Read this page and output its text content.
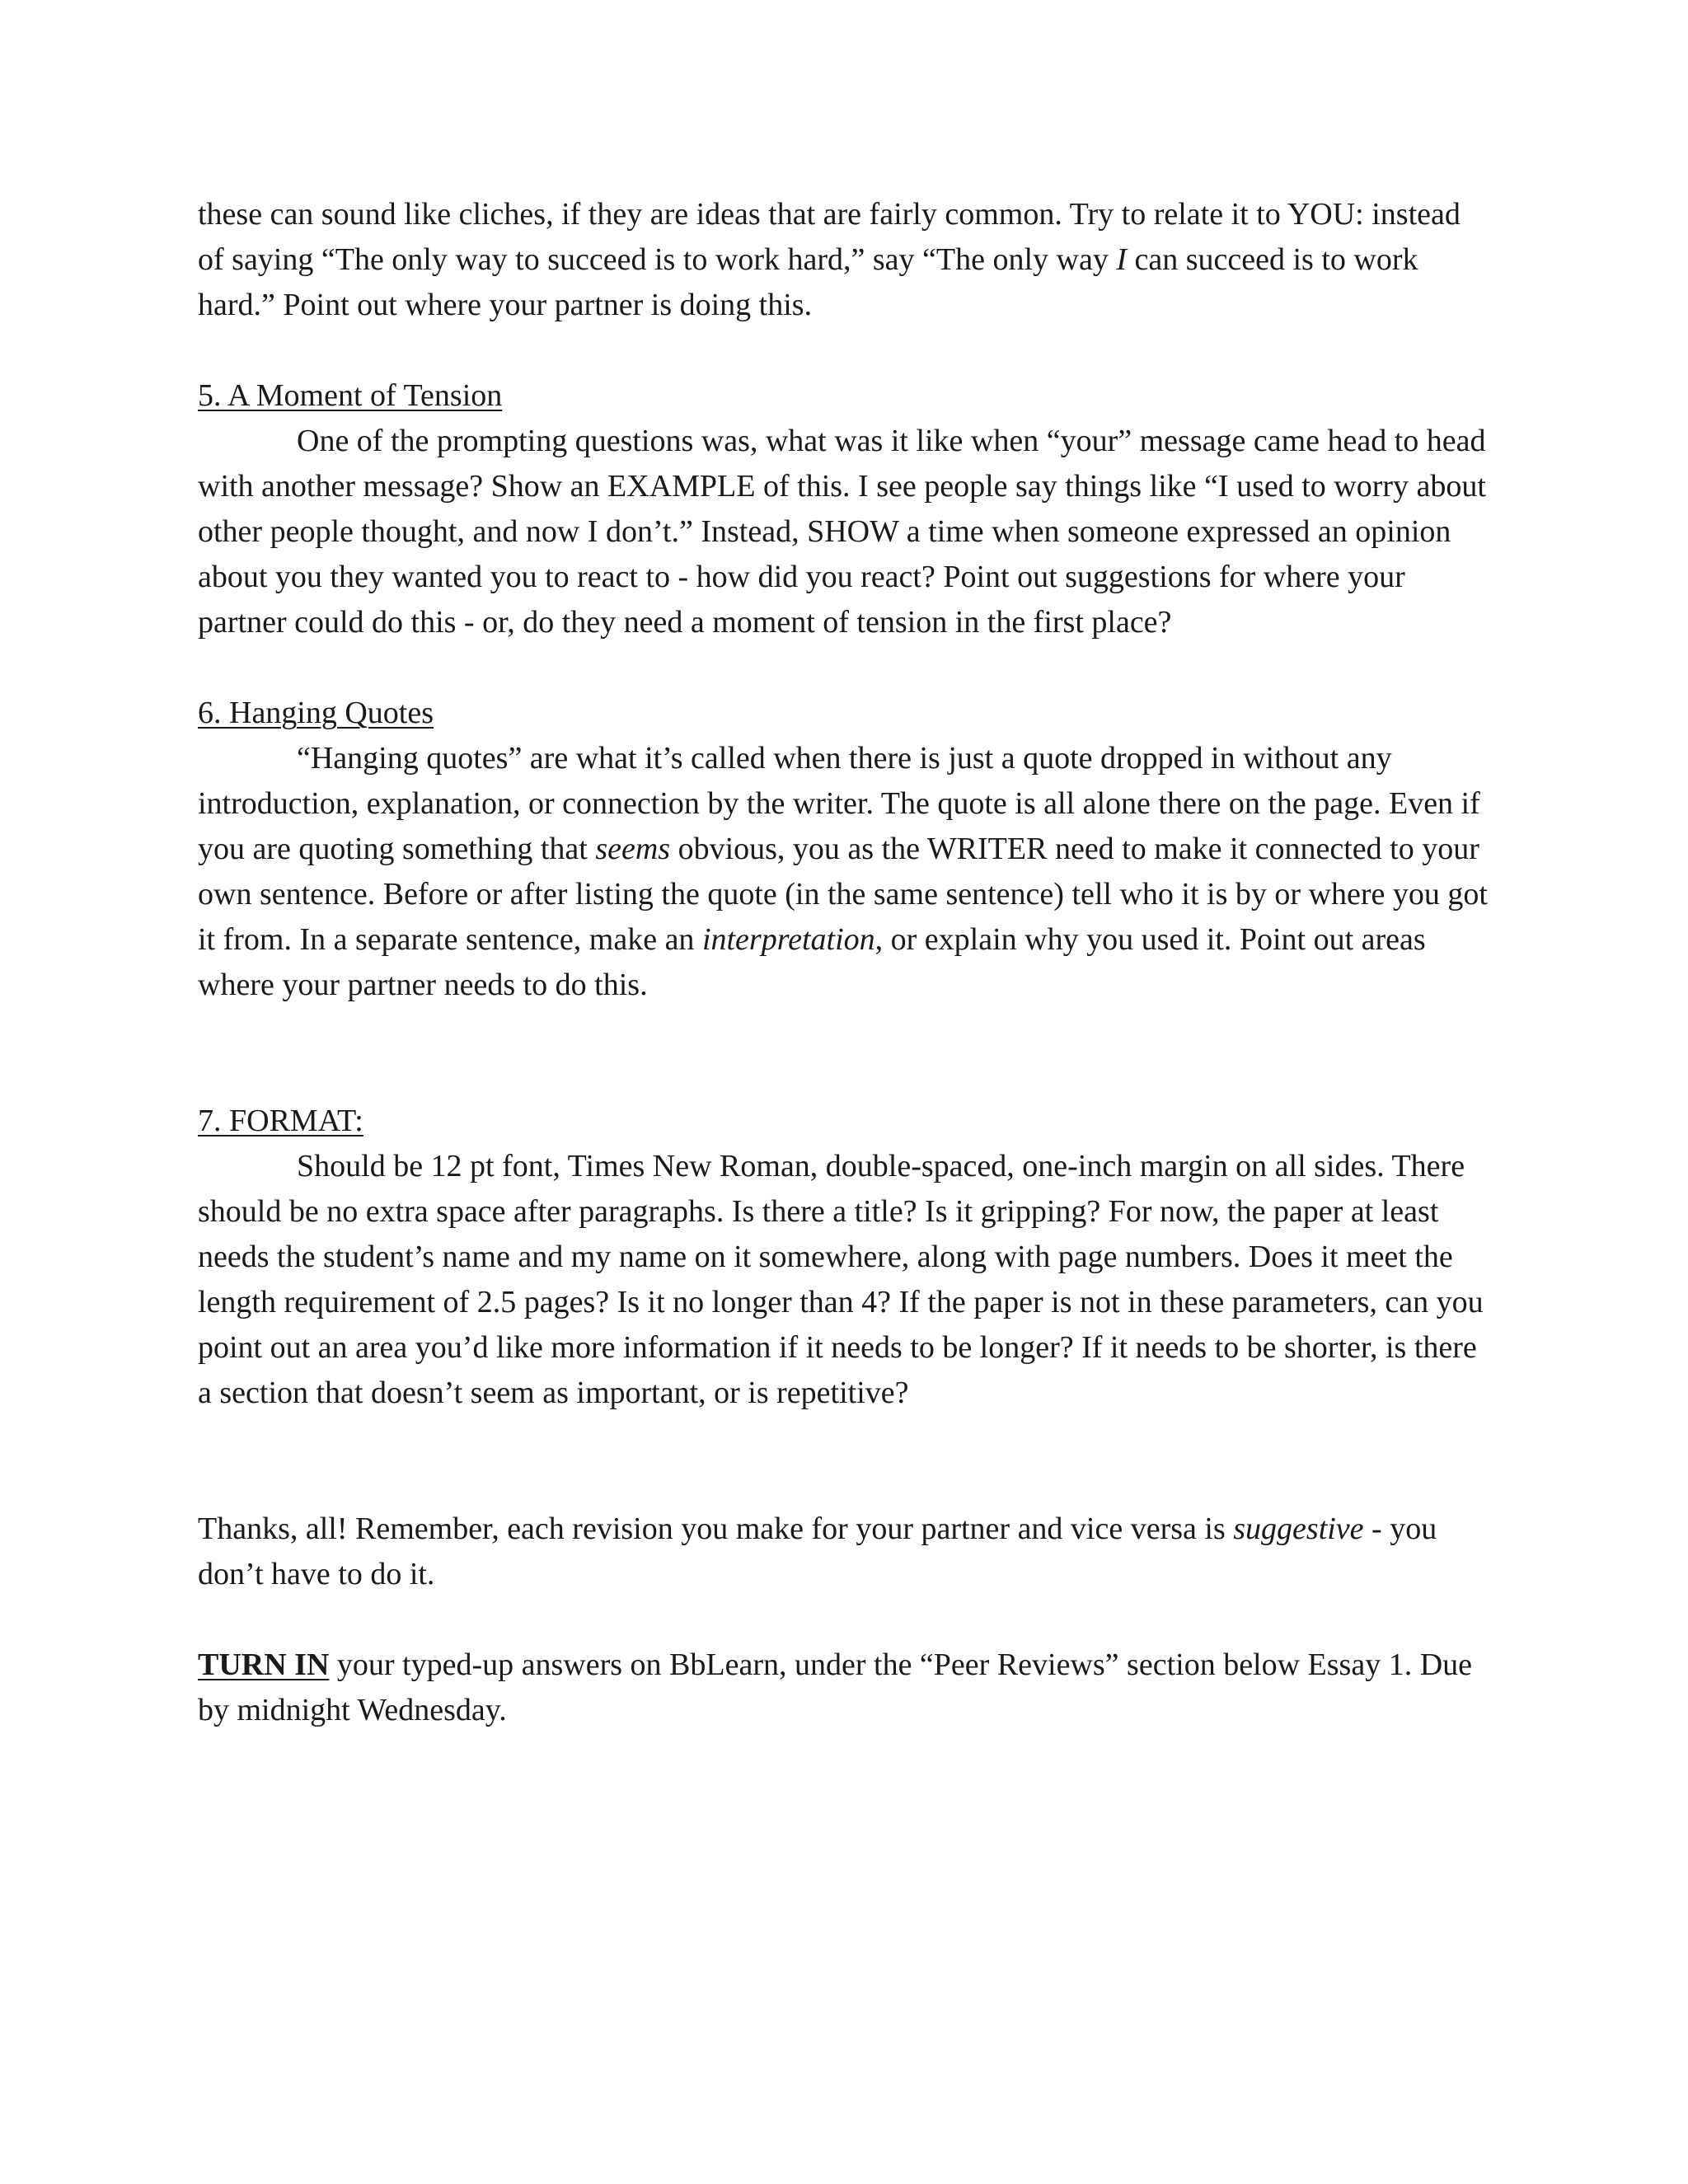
these can sound like cliches, if they are ideas that are fairly common. Try to relate it to YOU: instead of saying “The only way to succeed is to work hard,” say “The only way I can succeed is to work hard.” Point out where your partner is doing this.

5. A Moment of Tension

One of the prompting questions was, what was it like when “your” message came head to head with another message? Show an EXAMPLE of this. I see people say things like “I used to worry about other people thought, and now I don’t.” Instead, SHOW a time when someone expressed an opinion about you they wanted you to react to - how did you react? Point out suggestions for where your partner could do this - or, do they need a moment of tension in the first place?

6. Hanging Quotes

“Hanging quotes” are what it’s called when there is just a quote dropped in without any introduction, explanation, or connection by the writer. The quote is all alone there on the page. Even if you are quoting something that seems obvious, you as the WRITER need to make it connected to your own sentence. Before or after listing the quote (in the same sentence) tell who it is by or where you got it from. In a separate sentence, make an interpretation, or explain why you used it. Point out areas where your partner needs to do this.

7. FORMAT:

Should be 12 pt font, Times New Roman, double-spaced, one-inch margin on all sides. There should be no extra space after paragraphs. Is there a title? Is it gripping? For now, the paper at least needs the student’s name and my name on it somewhere, along with page numbers. Does it meet the length requirement of 2.5 pages? Is it no longer than 4? If the paper is not in these parameters, can you point out an area you’d like more information if it needs to be longer? If it needs to be shorter, is there a section that doesn’t seem as important, or is repetitive?

Thanks, all! Remember, each revision you make for your partner and vice versa is suggestive - you don’t have to do it.

TURN IN your typed-up answers on BbLearn, under the “Peer Reviews” section below Essay 1. Due by midnight Wednesday.
